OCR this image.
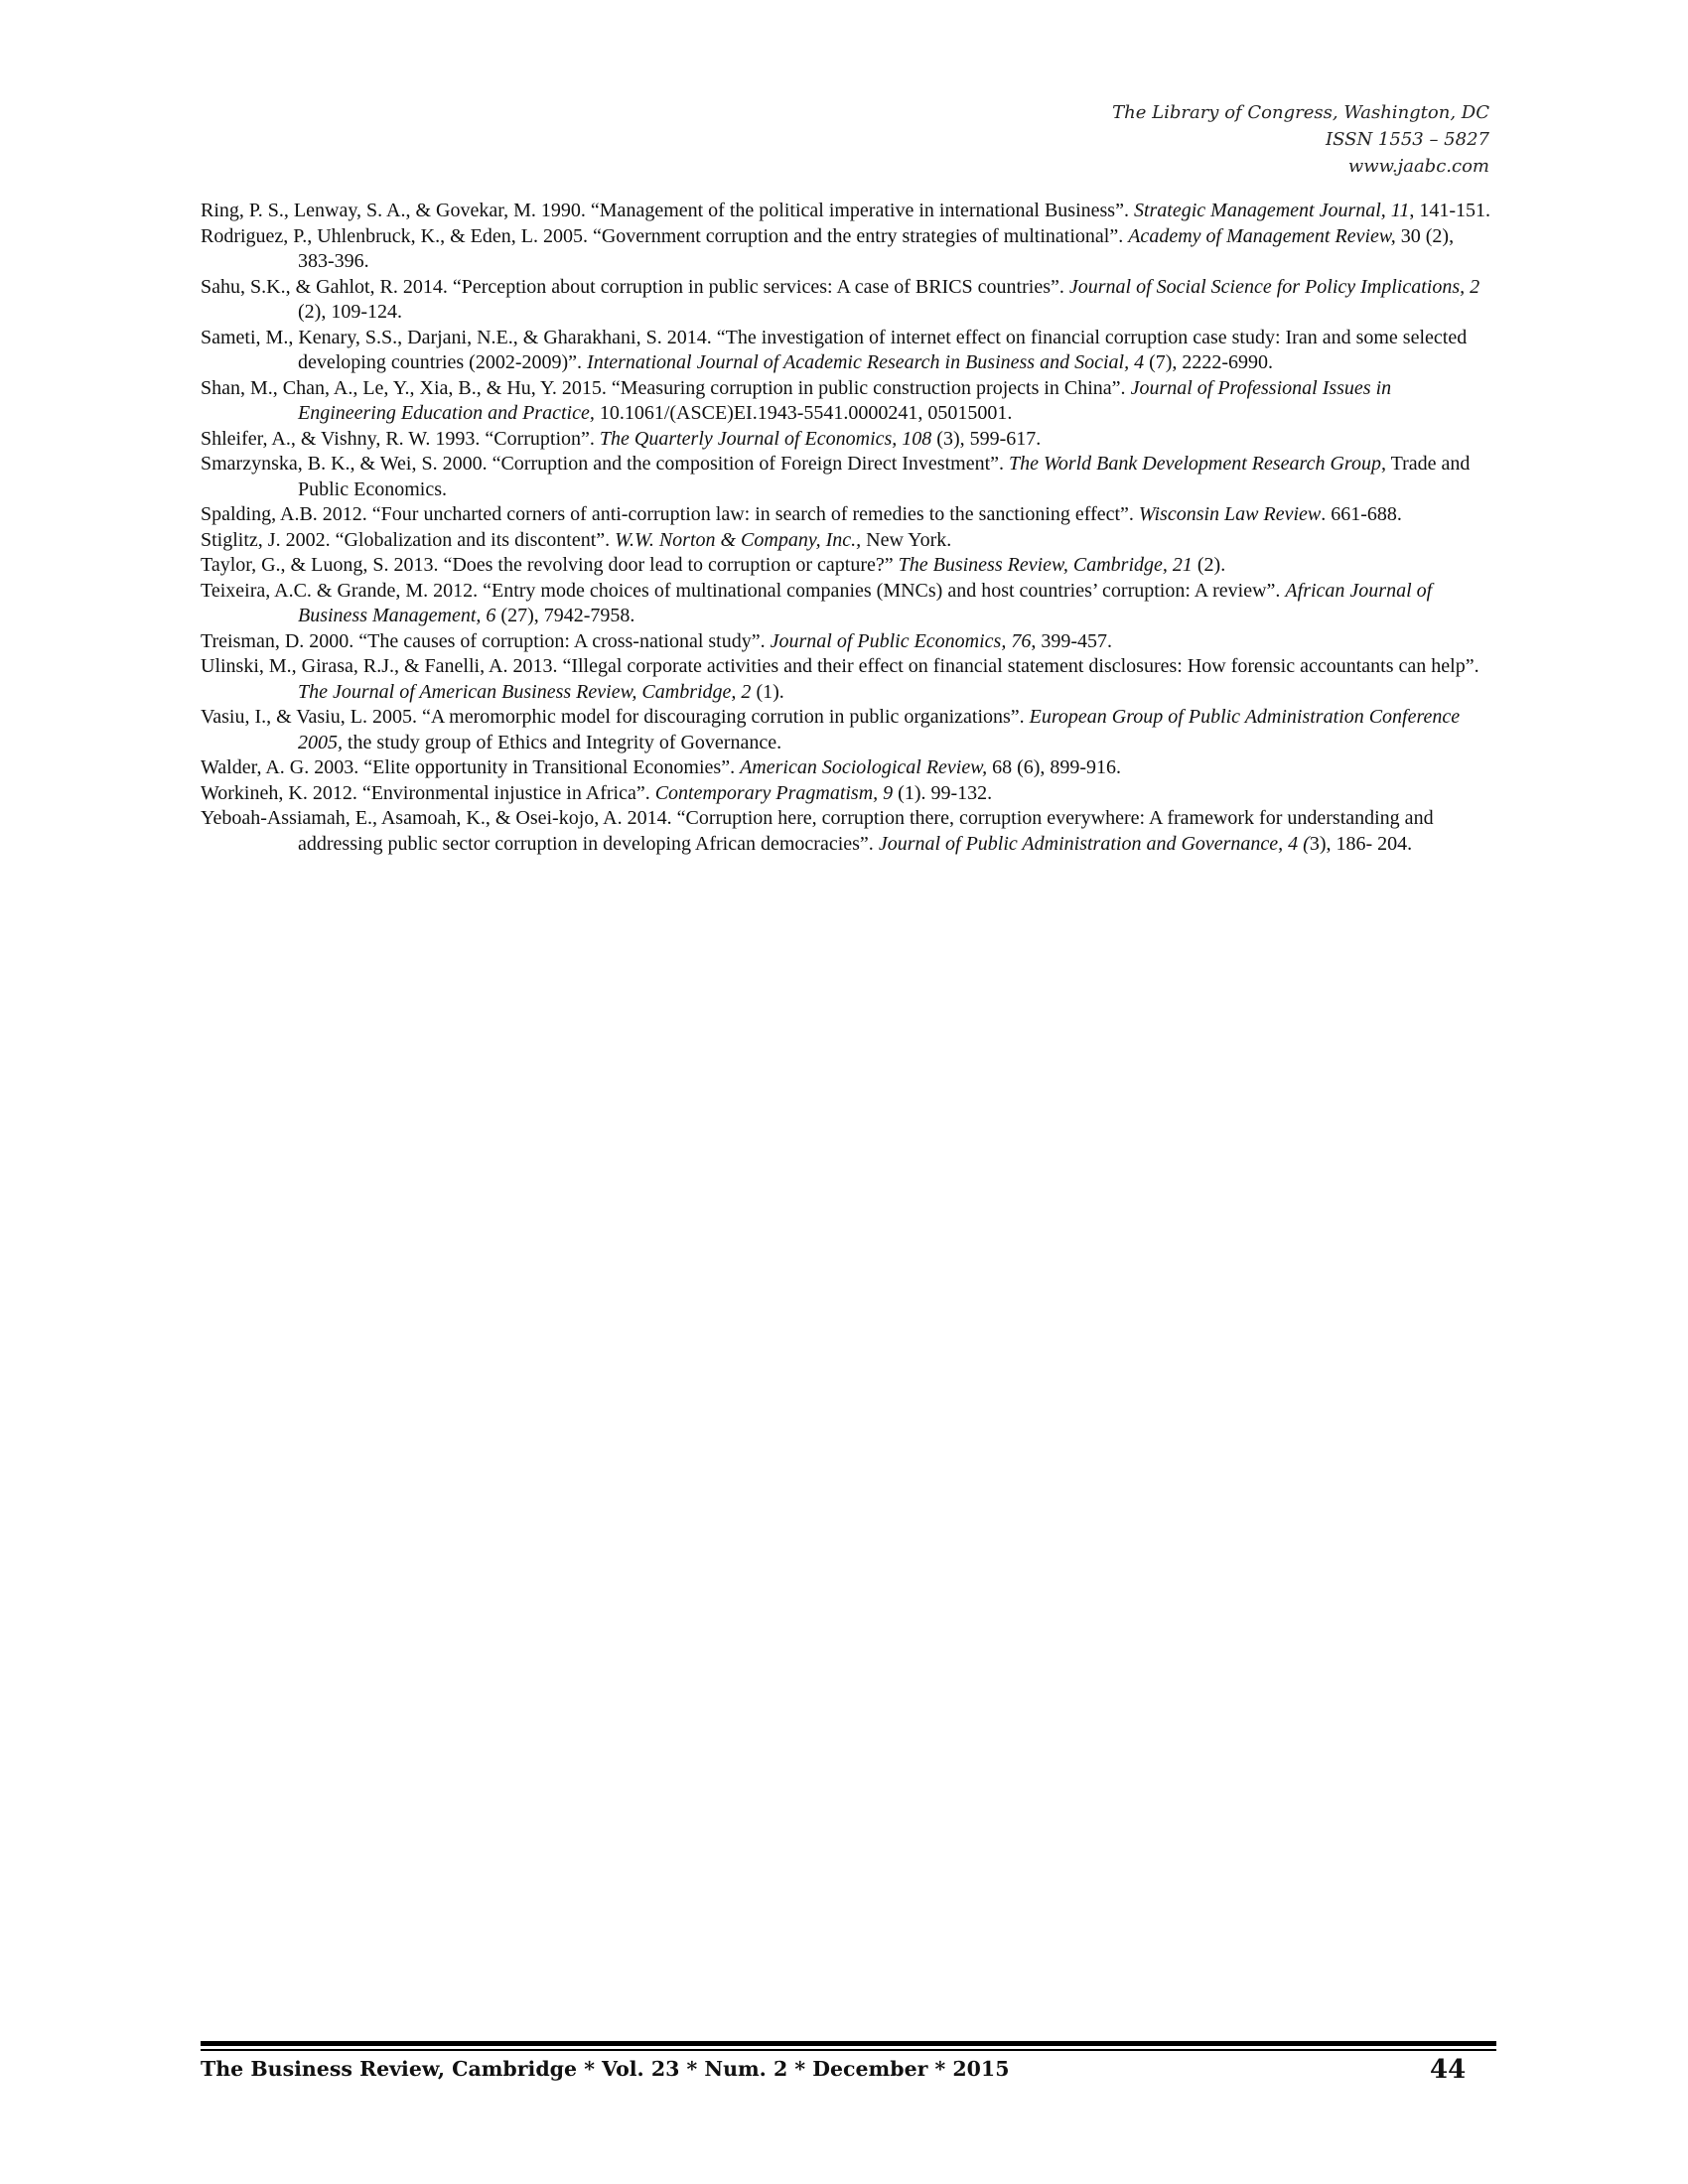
The Library of Congress, Washington, DC
ISSN 1553 – 5827
www.jaabc.com

Ring, P. S., Lenway, S. A., & Govekar, M. 1990. “Management of the political imperative in international Business”. Strategic Management Journal, 11, 141-151.

Rodriguez, P., Uhlenbruck, K., & Eden, L. 2005. “Government corruption and the entry strategies of multinational”. Academy of Management Review, 30 (2), 383-396.

Sahu, S.K., & Gahlot, R. 2014. “Perception about corruption in public services: A case of BRICS countries”. Journal of Social Science for Policy Implications, 2 (2), 109-124.

Sameti, M., Kenary, S.S., Darjani, N.E., & Gharakhani, S. 2014. “The investigation of internet effect on financial corruption case study: Iran and some selected developing countries (2002-2009)”. International Journal of Academic Research in Business and Social, 4 (7), 2222-6990.

Shan, M., Chan, A., Le, Y., Xia, B., & Hu, Y. 2015. “Measuring corruption in public construction projects in China”. Journal of Professional Issues in Engineering Education and Practice, 10.1061/(ASCE)EI.1943-5541.0000241, 05015001.

Shleifer, A., & Vishny, R. W. 1993. “Corruption”. The Quarterly Journal of Economics, 108 (3), 599-617.

Smarzynska, B. K., & Wei, S. 2000. “Corruption and the composition of Foreign Direct Investment”. The World Bank Development Research Group, Trade and Public Economics.

Spalding, A.B. 2012. “Four uncharted corners of anti-corruption law: in search of remedies to the sanctioning effect”. Wisconsin Law Review. 661-688.

Stiglitz, J. 2002. “Globalization and its discontent”. W.W. Norton & Company, Inc., New York.

Taylor, G., & Luong, S. 2013. “Does the revolving door lead to corruption or capture?” The Business Review, Cambridge, 21 (2).

Teixeira, A.C. & Grande, M. 2012. “Entry mode choices of multinational companies (MNCs) and host countries’ corruption: A review”. African Journal of Business Management, 6 (27), 7942-7958.

Treisman, D. 2000. “The causes of corruption: A cross-national study”. Journal of Public Economics, 76, 399-457.

Ulinski, M., Girasa, R.J., & Fanelli, A. 2013. “Illegal corporate activities and their effect on financial statement disclosures: How forensic accountants can help”. The Journal of American Business Review, Cambridge, 2 (1).

Vasiu, I., & Vasiu, L. 2005. “A meromorphic model for discouraging corrution in public organizations”. European Group of Public Administration Conference 2005, the study group of Ethics and Integrity of Governance.

Walder, A. G. 2003. “Elite opportunity in Transitional Economies”. American Sociological Review, 68 (6), 899-916.

Workineh, K. 2012. “Environmental injustice in Africa”. Contemporary Pragmatism, 9 (1). 99-132.

Yeboah-Assiamah, E., Asamoah, K., & Osei-kojo, A. 2014. “Corruption here, corruption there, corruption everywhere: A framework for understanding and addressing public sector corruption in developing African democracies”. Journal of Public Administration and Governance, 4 (3), 186- 204.

The Business Review, Cambridge * Vol. 23 * Num. 2 * December * 2015	44
